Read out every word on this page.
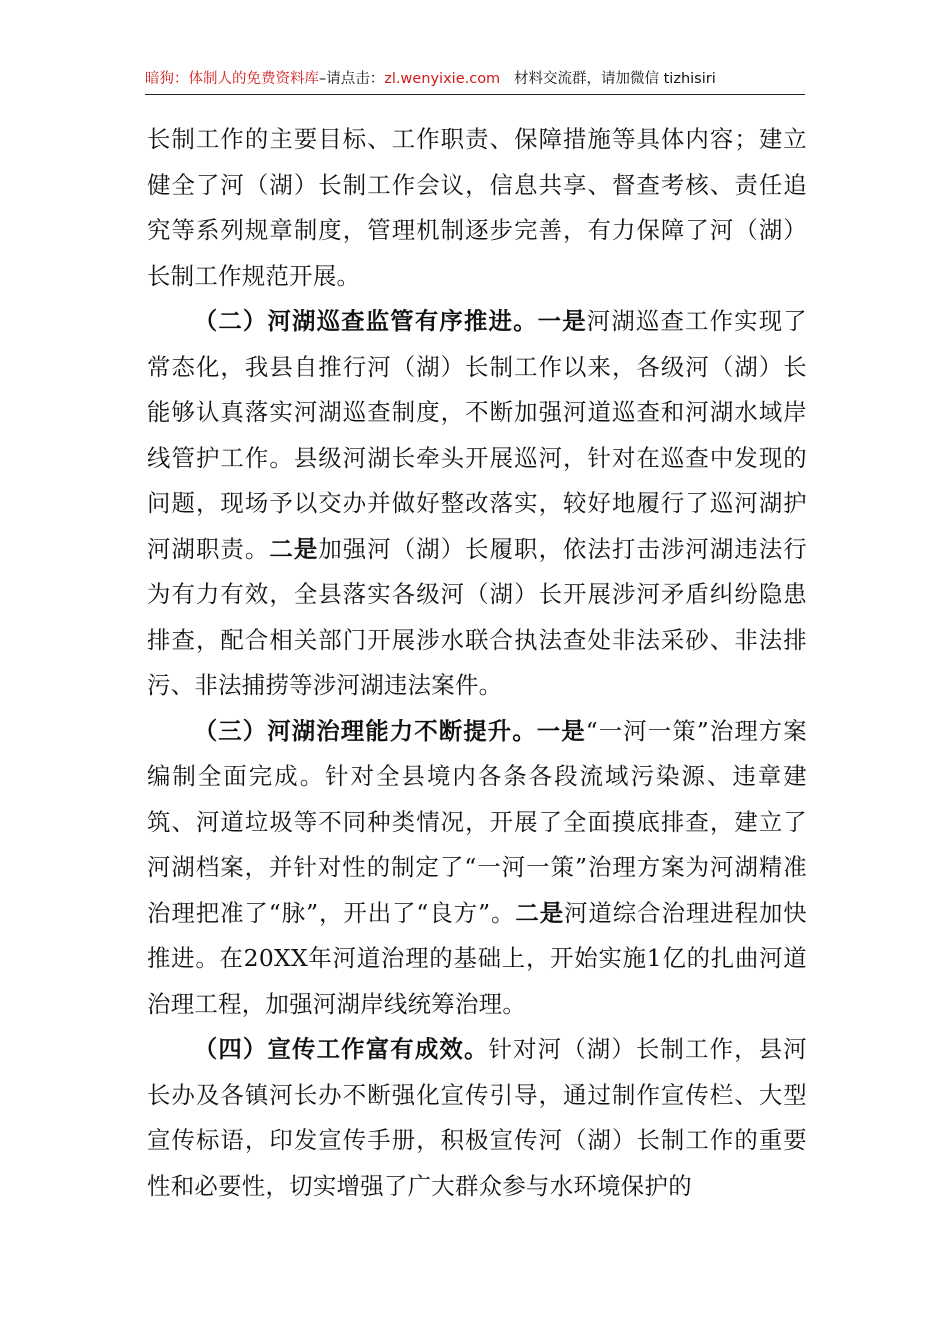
暗狗：体制人的免费资料库–请点击：zl.wenyixie.com 材料交流群，请加微信 tizhisiri

长制工作的主要目标、工作职责、保障措施等具体内容；建立健全了河（湖）长制工作会议，信息共享、督查考核、责任追究等系列规章制度，管理机制逐步完善，有力保障了河（湖）长制工作规范开展。

（二）河湖巡查监管有序推进。一是河湖巡查工作实现了常态化，我县自推行河（湖）长制工作以来，各级河（湖）长能够认真落实河湖巡查制度，不断加强河道巡查和河湖水域岸线管护工作。县级河湖长牵头开展巡河，针对在巡查中发现的问题，现场予以交办并做好整改落实，较好地履行了巡河湖护河湖职责。二是加强河（湖）长履职，依法打击涉河湖违法行为有力有效，全县落实各级河（湖）长开展涉河矛盾纠纷隐患排查，配合相关部门开展涉水联合执法查处非法采砂、非法排污、非法捕捞等涉河湖违法案件。

（三）河湖治理能力不断提升。一是“一河一策”治理方案编制全面完成。针对全县境内各条各段流域污染源、违章建筑、河道垃圾等不同种类情况，开展了全面摸底排查，建立了河湖档案，并针对性的制定了“一河一策”治理方案为河湖精准治理把准了“脉”，开出了“良方”。二是河道综合治理进程加快推进。在20XX年河道治理的基础上，开始实施1亿的扎曲河道治理工程，加强河湖岸线统筹治理。

（四）宣传工作富有成效。针对河（湖）长制工作，县河长办及各镇河长办不断强化宣传引导，通过制作宣传栏、大型宣传标语，印发宣传手册，积极宣传河（湖）长制工作的重要性和必要性，切实增强了广大群众参与水环境保护的
